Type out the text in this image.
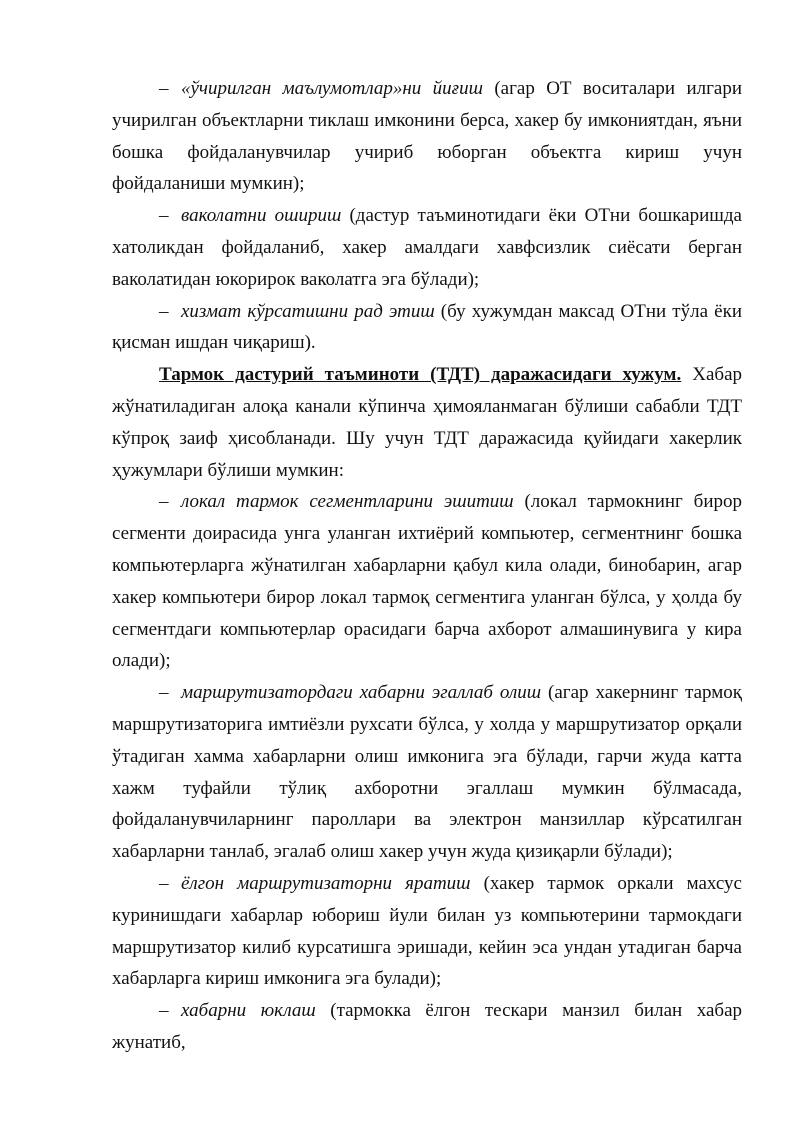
– «ўчирилган маълумотлар»ни йиғиш (агар ОТ воситалари илгари учирилган объектларни тиклаш имконини берса, хакер бу имкониятдан, яъни бошка фойдаланувчилар учириб юборган объектга кириш учун фойдаланиши мумкин);

– ваколатни ошириш (дастур таъминотидаги ёки ОТни бошкаришда хатоликдан фойдаланиб, хакер амалдаги хавфсизлик сиёсати берган ваколатидан юкорирок ваколатга эга бўлади);

– хизмат кўрсатишни рад этиш (бу хужумдан максад ОТни тўла ёки қисман ишдан чиқариш).

Тармок дастурий таъминоти (ТДТ) даражасидаги хужум. Хабар жўнатиладиган алоқа канали кўпинча ҳимояланмаган бўлиши сабабли ТДТ кўпроқ заиф ҳисобланади. Шу учун ТДТ даражасида қуйидаги хакерлик ҳужумлари бўлиши мумкин:

– локал тармок сегментларини эшитиш (локал тармокнинг бирор сегменти доирасида унга уланган ихтиёрий компьютер, сегментнинг бошка компьютерларга жўнатилган хабарларни қабул кила олади, бинобарин, агар хакер компьютери бирор локал тармоқ сегментига уланган бўлса, у ҳолда бу сегментдаги компьютерлар орасидаги барча ахборот алмашинувига у кира олади);

– маршрутизатордаги хабарни эгаллаб олиш (агар хакернинг тармоқ маршрутизаторига имтиёзли рухсати бўлса, у холда у маршрутизатор орқали ўтадиган хамма хабарларни олиш имконига эга бўлади, гарчи жуда катта хажм туфайли тўлиқ ахборотни эгаллаш мумкин бўлмасада, фойдаланувчиларнинг пароллари ва электрон манзиллар кўрсатилган хабарларни танлаб, эгалаб олиш хакер учун жуда қизиқарли бўлади);

– ёлгон маршрутизаторни яратиш (хакер тармок оркали махсус куринишдаги хабарлар юбориш йули билан уз компьютерини тармокдаги маршрутизатор килиб курсатишга эришади, кейин эса ундан утадиган барча хабарларга кириш имконига эга булади);

– хабарни юклаш (тармокка ёлгон тескари манзил билан хабар жунатиб,
